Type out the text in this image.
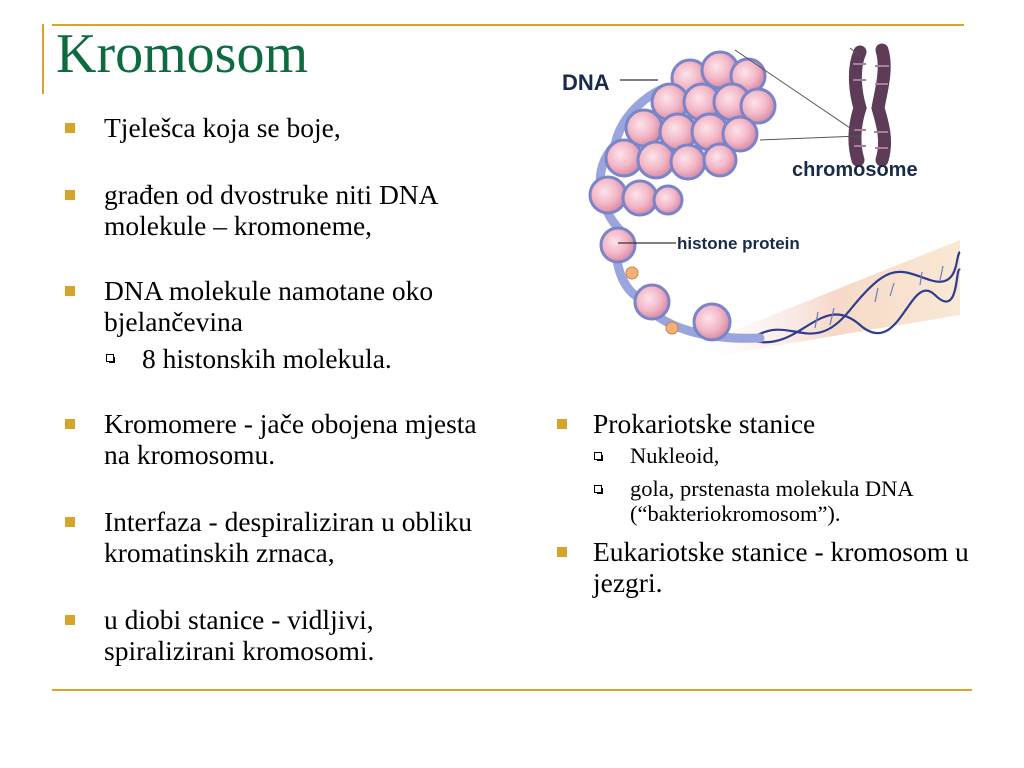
Kromosom
Tjelešca koja se boje,
građen od dvostruke niti DNA molekule – kromoneme,
DNA molekule namotane oko bjelančevina
8 histonskih molekula.
Kromomere - jače obojena mjesta na kromosomu.
Interfaza - despiraliziran u obliku kromatinskih zrnaca,
u diobi stanice - vidljivi, spiralizirani kromosomi.
Prokariotske stanice
Nukleoid,
gola, prstenasta molekula DNA (“bakteriokromosom”).
Eukariotske stanice - kromosom u jezgri.
DNA
chromosome
histone protein
